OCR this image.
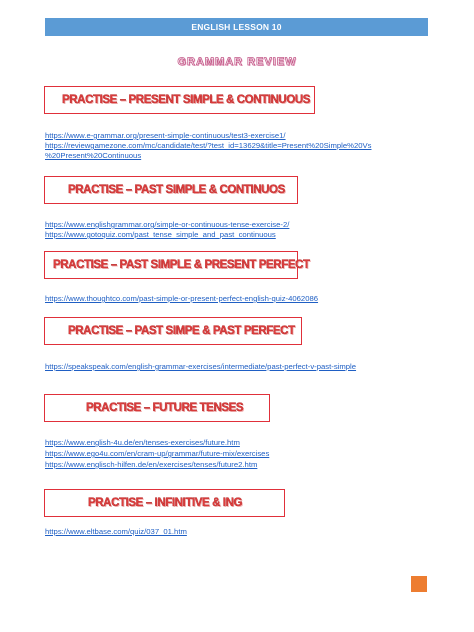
ENGLISH LESSON 10
GRAMMAR REVIEW
PRACTISE – PRESENT SIMPLE & CONTINUOUS
https://www.e-grammar.org/present-simple-continuous/test3-exercise1/
https://reviewgamezone.com/mc/candidate/test/?test_id=13629&title=Present%20Simple%20Vs
%20Present%20Continuous
PRACTISE – PAST SIMPLE & CONTINUOS
https://www.englishgrammar.org/simple-or-continuous-tense-exercise-2/
https://www.gotoquiz.com/past_tense_simple_and_past_continuous
PRACTISE – PAST SIMPLE & PRESENT PERFECT
https://www.thoughtco.com/past-simple-or-present-perfect-english-quiz-4062086
PRACTISE – PAST SIMPE & PAST PERFECT
https://speakspeak.com/english-grammar-exercises/intermediate/past-perfect-v-past-simple
PRACTISE – FUTURE TENSES
https://www.english-4u.de/en/tenses-exercises/future.htm
https://www.ego4u.com/en/cram-up/grammar/future-mix/exercises
https://www.englisch-hilfen.de/en/exercises/tenses/future2.htm
PRACTISE – INFINITIVE & ING
https://www.eltbase.com/quiz/037_01.htm
